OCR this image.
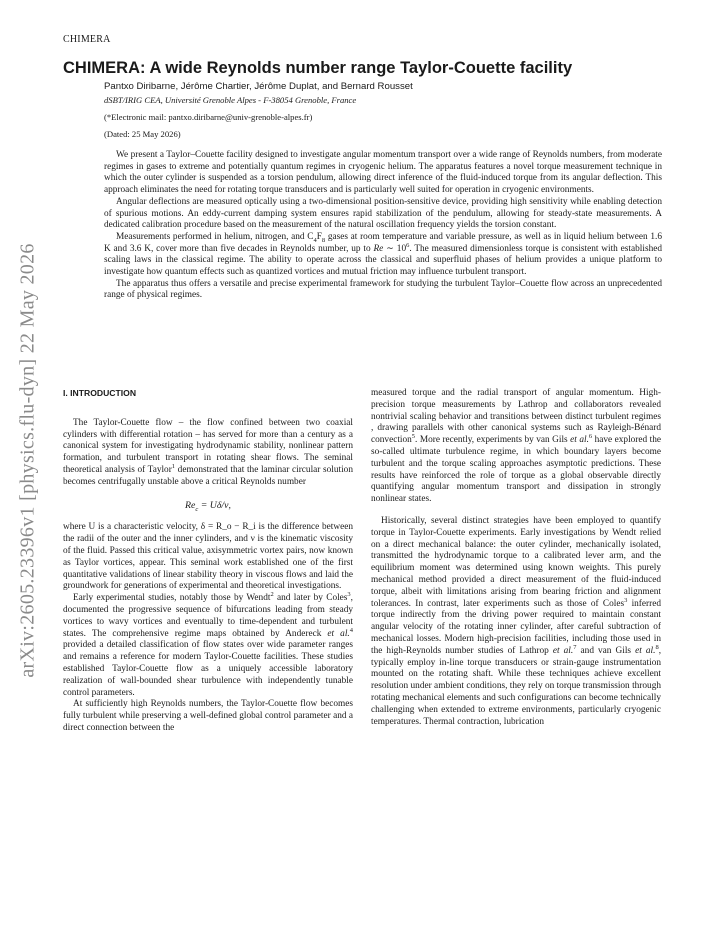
CHIMERA
arXiv:2605.23396v1 [physics.flu-dyn] 22 May 2026
CHIMERA: A wide Reynolds number range Taylor-Couette facility
Pantxo Diribarne, Jérôme Chartier, Jérôme Duplat, and Bernard Rousset
dSBT/IRIG CEA, Université Grenoble Alpes - F-38054 Grenoble, France
(*Electronic mail: pantxo.diribarne@univ-grenoble-alpes.fr)
(Dated: 25 May 2026)

We present a Taylor–Couette facility designed to investigate angular momentum transport over a wide range of Reynolds numbers, from moderate regimes in gases to extreme and potentially quantum regimes in cryogenic helium. The apparatus features a novel torque measurement technique in which the outer cylinder is suspended as a torsion pendulum, allowing direct inference of the fluid-induced torque from its angular deflection. This approach eliminates the need for rotating torque transducers and is particularly well suited for operation in cryogenic environments.

Angular deflections are measured optically using a two-dimensional position-sensitive device, providing high sensitivity while enabling detection of spurious motions. An eddy-current damping system ensures rapid stabilization of the pendulum, allowing for steady-state measurements. A dedicated calibration procedure based on the measurement of the natural oscillation frequency yields the torsion constant.

Measurements performed in helium, nitrogen, and $C_4F_8$ gases at room temperature and variable pressure, as well as in liquid helium between 1.6 K and 3.6 K, cover more than five decades in Reynolds number, up to Re ∼ $10^6$. The measured dimensionless torque is consistent with established scaling laws in the classical regime. The ability to operate across the classical and superfluid phases of helium provides a unique platform to investigate how quantum effects such as quantized vortices and mutual friction may influence turbulent transport.

The apparatus thus offers a versatile and precise experimental framework for studying the turbulent Taylor–Couette flow across an unprecedented range of physical regimes.

I. INTRODUCTION

The Taylor-Couette flow – the flow confined between two coaxial cylinders with differential rotation – has served for more than a century as a canonical system for investigating hydrodynamic stability, nonlinear pattern formation, and turbulent transport in rotating shear flows. The seminal theoretical analysis of Taylor$^1$ demonstrated that the laminar circular solution becomes centrifugally unstable above a critical Reynolds number

$Re_c = U\delta/\nu$,

where U is a characteristic velocity, δ = R_o − R_i is the difference between the radii of the outer and the inner cylinders, and ν is the kinematic viscosity of the fluid. Passed this critical value, axisymmetric vortex pairs, now known as Taylor vortices, appear. This seminal work established one of the first quantitative validations of linear stability theory in viscous flows and laid the groundwork for generations of experimental and theoretical investigations.

Early experimental studies, notably those by Wendt$^2$ and later by Coles$^3$, documented the progressive sequence of bifurcations leading from steady vortices to wavy vortices and eventually to time-dependent and turbulent states. The comprehensive regime maps obtained by Andereck et al.$^4$ provided a detailed classification of flow states over wide parameter ranges and remains a reference for modern Taylor-Couette facilities. These studies established Taylor-Couette flow as a uniquely accessible laboratory realization of wall-bounded shear turbulence with independently tunable control parameters.

At sufficiently high Reynolds numbers, the Taylor-Couette flow becomes fully turbulent while preserving a well-defined global control parameter and a direct connection between the

measured torque and the radial transport of angular momentum. High-precision torque measurements by Lathrop and collaborators revealed nontrivial scaling behavior and transitions between distinct turbulent regimes , drawing parallels with other canonical systems such as Rayleigh-Bénard convection$^5$. More recently, experiments by van Gils et al.$^6$ have explored the so-called ultimate turbulence regime, in which boundary layers become turbulent and the torque scaling approaches asymptotic predictions. These results have reinforced the role of torque as a global observable directly quantifying angular momentum transport and dissipation in strongly nonlinear states.

Historically, several distinct strategies have been employed to quantify torque in Taylor-Couette experiments. Early investigations by Wendt relied on a direct mechanical balance: the outer cylinder, mechanically isolated, transmitted the hydrodynamic torque to a calibrated lever arm, and the equilibrium moment was determined using known weights. This purely mechanical method provided a direct measurement of the fluid-induced torque, albeit with limitations arising from bearing friction and alignment tolerances. In contrast, later experiments such as those of Coles$^3$ inferred torque indirectly from the driving power required to maintain constant angular velocity of the rotating inner cylinder, after careful subtraction of mechanical losses. Modern high-precision facilities, including those used in the high-Reynolds number studies of Lathrop et al.$^7$ and van Gils et al.$^8$, typically employ in-line torque transducers or strain-gauge instrumentation mounted on the rotating shaft. While these techniques achieve excellent resolution under ambient conditions, they rely on torque transmission through rotating mechanical elements and such configurations can become technically challenging when extended to extreme environments, particularly cryogenic temperatures. Thermal contraction, lubrication
